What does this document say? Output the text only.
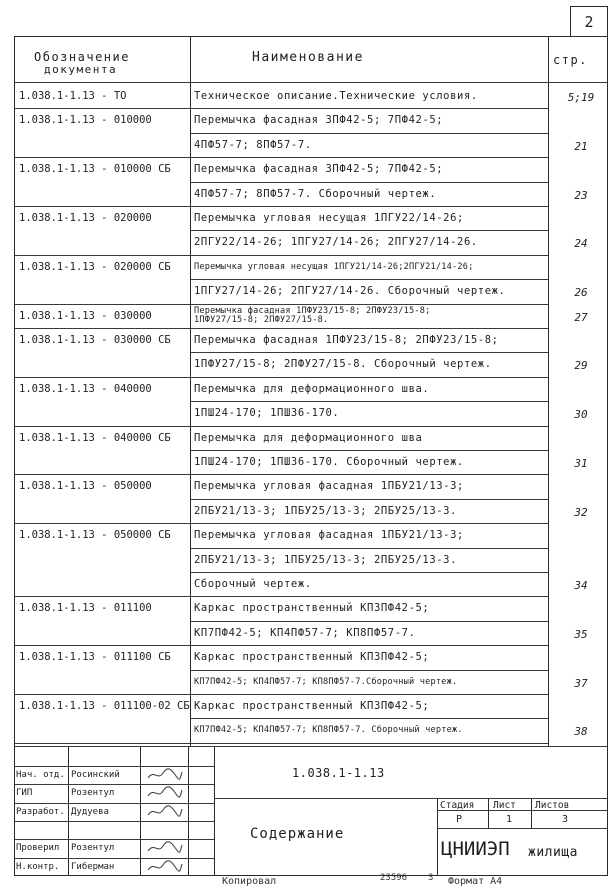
2
Обозначение
документа
Наименование	стр.
1.038.1-1.13 - ТО	Техническое описание.Технические условия.	5;19
1.038.1-1.13 - 010000	Перемычка фасадная 3ПФ42-5; 7ПФ42-5;
4ПФ57-7; 8ПФ57-7.	21
1.038.1-1.13 - 010000 СБ Перемычка фасадная 3ПФ42-5; 7ПФ42-5;
4ПФ57-7; 8ПФ57-7. Сборочный чертеж.	23
1.038.1-1.13 - 020000	Перемычка угловая несущая 1ПГУ22/14-26;
2ПГУ22/14-26; 1ПГУ27/14-26; 2ПГУ27/14-26.	24
1.038.1-1.13 - 020000 СБ	Перемычка угловая несущая 1ПГУ21/14-26;2ПГУ21/14-26;
1ПГУ27/14-26; 2ПГУ27/14-26. Сборочный чертеж.	26
1.038.1-1.13 - 030000	Перемычка фасадная 1ПФУ23/15-8; 2ПФУ23/15-8;
1ПФУ27/15-8; 2ПФУ27/15-8.	27
1.038.1-1.13 - 030000 СБ Перемычка фасадная 1ПФУ23/15-8; 2ПФУ23/15-8;
1ПФУ27/15-8; 2ПФУ27/15-8. Сборочный чертеж.	29
1.038.1-1.13 - 040000	Перемычка для деформационного шва.
1ПШ24-170; 1ПШ36-170.	30
1.038.1-1.13 - 040000 СБ Перемычка для деформационного шва
1ПШ24-170; 1ПШ36-170. Сборочный чертеж.	31
1.038.1-1.13 - 050000	Перемычка угловая фасадная 1ПБУ21/13-3;
2ПБУ21/13-3; 1ПБУ25/13-3; 2ПБУ25/13-3.	32
1.038.1-1.13 - 050000 СБ Перемычка угловая фасадная 1ПБУ21/13-3;
2ПБУ21/13-3; 1ПБУ25/13-3; 2ПБУ25/13-3.
Сборочный чертеж.	34
1.038.1-1.13 - 011100	Каркас пространственный КП3ПФ42-5;
КП7ПФ42-5; КП4ПФ57-7; КП8ПФ57-7.	35
1.038.1-1.13 - 011100 СБ Каркас пространственный КП3ПФ42-5;
КП7ПФ42-5; КП4ПФ57-7; КП8ПФ57-7.Сборочный чертеж.	37
1.038.1-1.13 - 011100-02 СБ Каркас пространственный КП3ПФ42-5;
КП7ПФ42-5; КП4ПФ57-7; КП8ПФ57-7. Сборочный чертеж.	38
Нач. отд. Росинский
ГИП	Розентул
Разработ. Дудуева
Проверил Розентул
Н.контр. Гиберман
1.038.1-1.13
Содержание
Стадия Лист Листов
Р	1	3
ЦНИИЭП жилища
Копировал	23596 3 Формат А4
